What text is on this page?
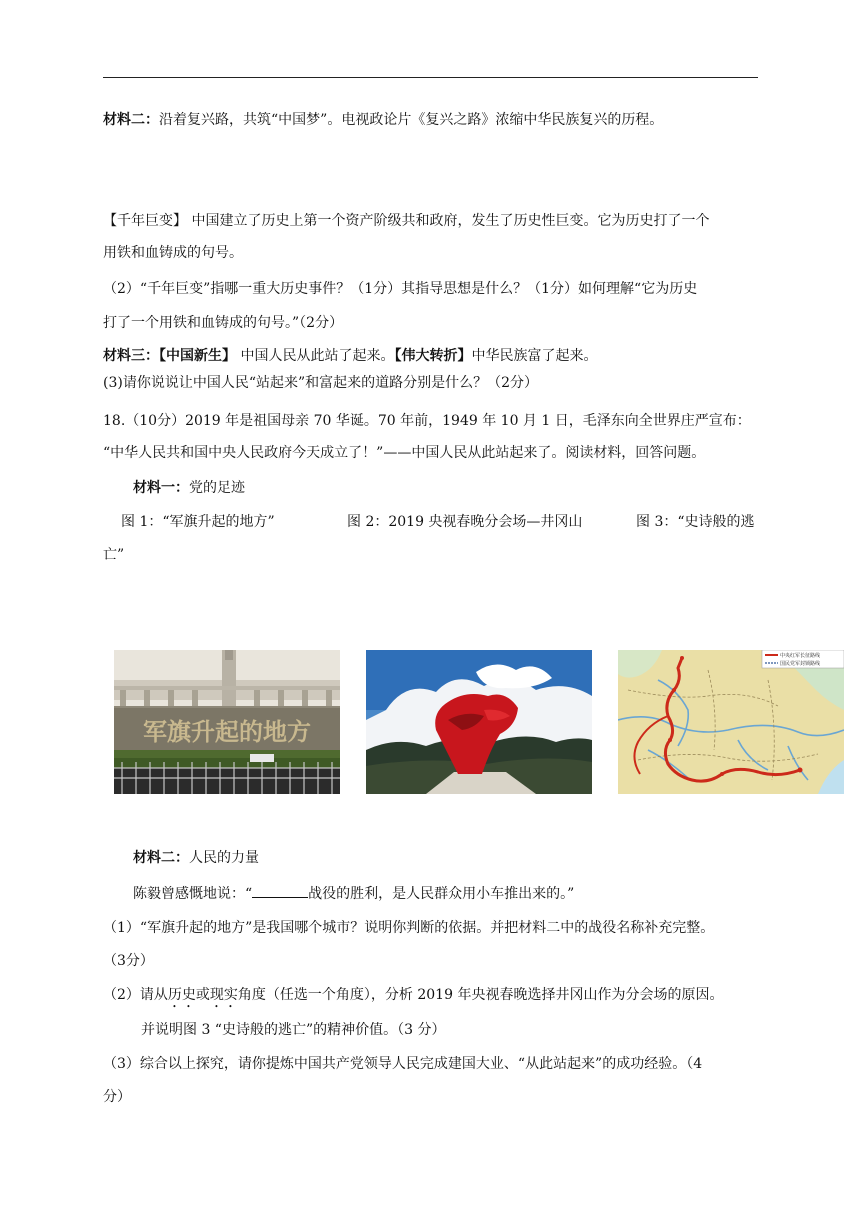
材料二：沿着复兴路，共筑“中国梦”。电视政论片《复兴之路》浓缩中华民族复兴的历程。
【千年巨变】 中国建立了历史上第一个资产阶级共和政府，发生了历史性巨变。它为历史打了一个
用铁和血铸成的句号。
（2）“千年巨变”指哪一重大历史事件？（1分）其指导思想是什么？（1分）如何理解“它为历史
打了一个用铁和血铸成的句号。”（2分）
材料三：【中国新生】 中国人民从此站了起来。【伟大转折】中华民族富了起来。
(3)请你说说让中国人民“站起来”和富起来的道路分别是什么？（2分）
18.（10分）2019 年是祖国母亲 70 华诞。70 年前，1949 年 10 月 1 日，毛泽东向全世界庄严宣布：
“中华人民共和国中央人民政府今天成立了！”——中国人民从此站起来了。阅读材料，回答问题。
材料一：党的足迹
图 1：“军旗升起的地方”	图 2：2019 央视春晚分会场—井冈山	图 3：“史诗般的逃
亡”
军旗升起的地方
中央红军长征路线
国民党军封锁路线
材料二：人民的力量
陈毅曾感慨地说：“	战役的胜利，是人民群众用小车推出来的。”
（1）“军旗升起的地方”是我国哪个城市？说明你判断的依据。并把材料二中的战役名称补充完整。
（3分）
（2）请从历史或现实角度（任选一个角度），分析 2019 年央视春晚选择井冈山作为分会场的原因。
并说明图 3 “史诗般的逃亡”的精神价值。（3 分）
（3）综合以上探究，请你提炼中国共产党领导人民完成建国大业、“从此站起来”的成功经验。（4
分）
